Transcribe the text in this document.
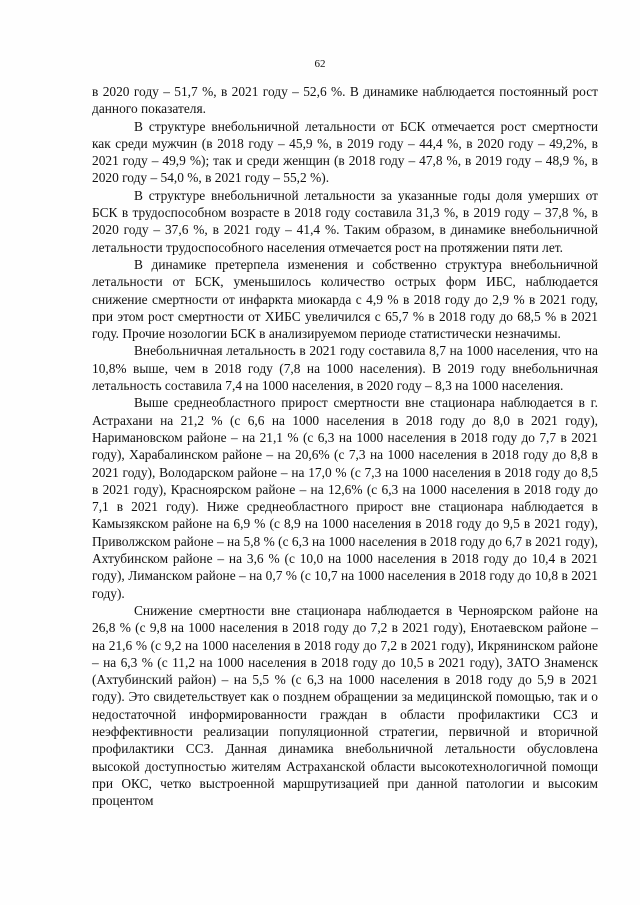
62

в 2020 году – 51,7 %, в 2021 году – 52,6 %. В динамике наблюдается постоянный рост данного показателя.

В структуре внебольничной летальности от БСК отмечается рост смертности как среди мужчин (в 2018 году – 45,9 %, в 2019 году – 44,4 %, в 2020 году – 49,2%, в 2021 году – 49,9 %); так и среди женщин (в 2018 году – 47,8 %, в 2019 году – 48,9 %, в 2020 году – 54,0 %, в 2021 году – 55,2 %).

В структуре внебольничной летальности за указанные годы доля умерших от БСК в трудоспособном возрасте в 2018 году составила 31,3 %, в 2019 году – 37,8 %, в 2020 году – 37,6 %, в 2021 году – 41,4 %. Таким образом, в динамике внебольничной летальности трудоспособного населения отмечается рост на протяжении пяти лет.

В динамике претерпела изменения и собственно структура внебольничной летальности от БСК, уменьшилось количество острых форм ИБС, наблюдается снижение смертности от инфаркта миокарда с 4,9 % в 2018 году до 2,9 % в 2021 году, при этом рост смертности от ХИБС увеличился с 65,7 % в 2018 году до 68,5 % в 2021 году. Прочие нозологии БСК в анализируемом периоде статистически незначимы.

Внебольничная летальность в 2021 году составила 8,7 на 1000 населения, что на 10,8% выше, чем в 2018 году (7,8 на 1000 населения). В 2019 году внебольничная летальность составила 7,4 на 1000 населения, в 2020 году – 8,3 на 1000 населения.

Выше среднеобластного прирост смертности вне стационара наблюдается в г. Астрахани на 21,2 % (с 6,6 на 1000 населения в 2018 году до 8,0 в 2021 году), Наримановском районе – на 21,1 % (с 6,3 на 1000 населения в 2018 году до 7,7 в 2021 году), Харабалинском районе – на 20,6% (с 7,3 на 1000 населения в 2018 году до 8,8 в 2021 году), Володарском районе – на 17,0 % (с 7,3 на 1000 населения в 2018 году до 8,5 в 2021 году), Красноярском районе – на 12,6% (с 6,3 на 1000 населения в 2018 году до 7,1 в 2021 году). Ниже среднеобластного прирост вне стационара наблюдается в Камызякском районе на 6,9 % (с 8,9 на 1000 населения в 2018 году до 9,5 в 2021 году), Приволжском районе – на 5,8 % (с 6,3 на 1000 населения в 2018 году до 6,7 в 2021 году), Ахтубинском районе – на 3,6 % (с 10,0 на 1000 населения в 2018 году до 10,4 в 2021 году), Лиманском районе – на 0,7 % (с 10,7 на 1000 населения в 2018 году до 10,8 в 2021 году).

Снижение смертности вне стационара наблюдается в Черноярском районе на 26,8 % (с 9,8 на 1000 населения в 2018 году до 7,2 в 2021 году), Енотаевском районе – на 21,6 % (с 9,2 на 1000 населения в 2018 году до 7,2 в 2021 году), Икрянинском районе – на 6,3 % (с 11,2 на 1000 населения в 2018 году до 10,5 в 2021 году), ЗАТО Знаменск (Ахтубинский район) – на 5,5 % (с 6,3 на 1000 населения в 2018 году до 5,9 в 2021 году). Это свидетельствует как о позднем обращении за медицинской помощью, так и о недостаточной информированности граждан в области профилактики ССЗ и неэффективности реализации популяционной стратегии, первичной и вторичной профилактики ССЗ. Данная динамика внебольничной летальности обусловлена высокой доступностью жителям Астраханской области высокотехнологичной помощи при ОКС, четко выстроенной маршрутизацией при данной патологии и высоким процентом
